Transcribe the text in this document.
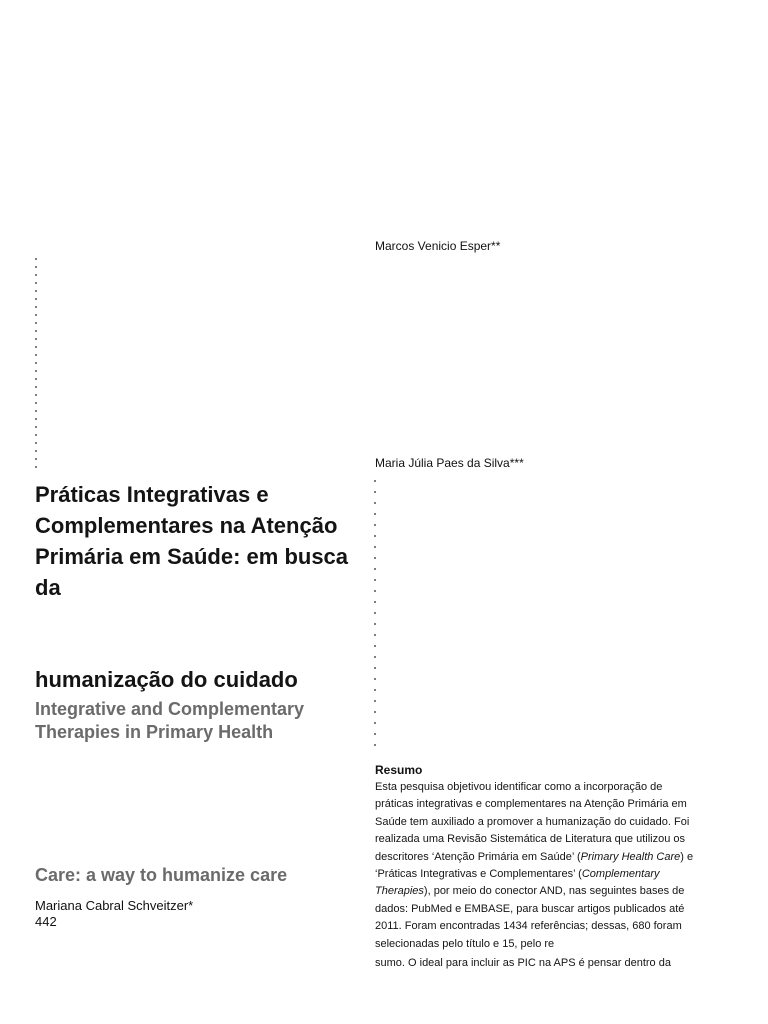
Práticas Integrativas e Complementares na Atenção Primária em Saúde: em busca da
humanização do cuidado
Integrative and Complementary Therapies in Primary Health
Care: a way to humanize care
Mariana Cabral Schveitzer*
442
Marcos Venicio Esper**
Maria Júlia Paes da Silva***
Resumo

Esta pesquisa objetivou identificar como a incorporação de

práticas integrativas e complementares na Atenção Primária em

Saúde tem auxiliado a promover a humanização do cuidado. Foi

realizada uma Revisão Sistemática de Literatura que utilizou os

descritores ‘Atenção Primária em Saúde’ (Primary Health Care) e

‘Práticas Integrativas e Complementares’ (Complementary

Therapies), por meio do conector AND, nas seguintes bases de

dados: PubMed e EMBASE, para buscar artigos publicados até

2011. Foram encontradas 1434 referências; dessas, 680 foram

selecionadas pelo título e 15, pelo re

sumo. O ideal para incluir as PIC na APS é pensar dentro da
